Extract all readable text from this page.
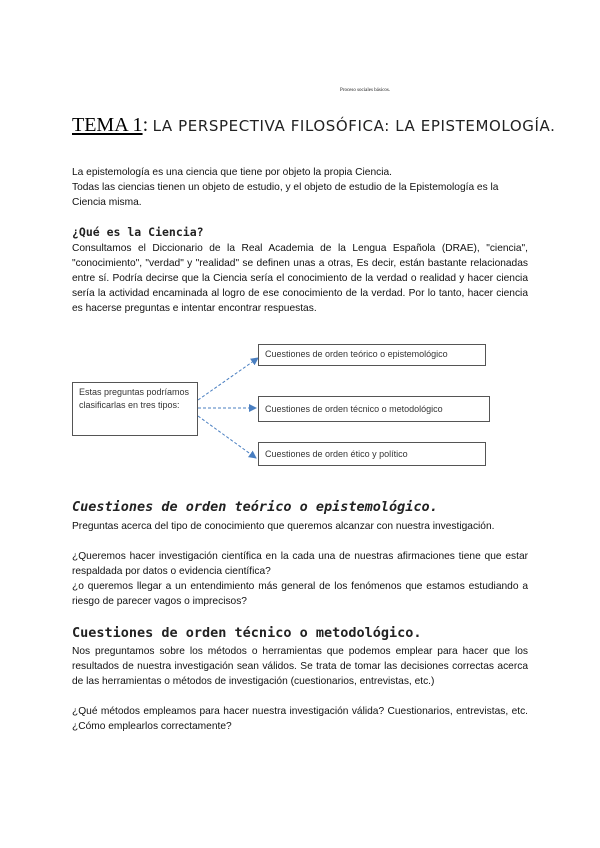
Proceso sociales básicos.
TEMA 1: LA PERSPECTIVA FILOSÓFICA: LA EPISTEMOLOGÍA.

La epistemología es una ciencia que tiene por objeto la propia Ciencia.
Todas las ciencias tienen un objeto de estudio, y el objeto de estudio de la Epistemología es la Ciencia misma.

¿Qué es la Ciencia?

Consultamos el Diccionario de la Real Academia de la Lengua Española (DRAE), "ciencia", "conocimiento", "verdad" y "realidad" se definen unas a otras, Es decir, están bastante relacionadas entre sí. Podría decirse que la Ciencia sería el conocimiento de la verdad o realidad y hacer ciencia sería la actividad encaminada al logro de ese conocimiento de la verdad. Por lo tanto, hacer ciencia es hacerse preguntas e intentar encontrar respuestas.

Estas preguntas podríamos clasificarlas en tres tipos:
Cuestiones de orden teórico o epistemológico
Cuestiones de orden técnico o metodológico
Cuestiones de orden ético y político
Cuestiones de orden teórico o epistemológico.

Preguntas acerca del tipo de conocimiento que queremos alcanzar con nuestra investigación.

¿Queremos hacer investigación científica en la cada una de nuestras afirmaciones tiene que estar respaldada por datos o evidencia científica?

¿o queremos llegar a un entendimiento más general de los fenómenos que estamos estudiando a riesgo de parecer vagos o imprecisos?

Cuestiones de orden técnico o metodológico.

Nos preguntamos sobre los métodos o herramientas que podemos emplear para hacer que los resultados de nuestra investigación sean válidos. Se trata de tomar las decisiones correctas acerca de las herramientas o métodos de investigación (cuestionarios, entrevistas, etc.)

¿Qué métodos empleamos para hacer nuestra investigación válida? Cuestionarios, entrevistas, etc. ¿Cómo emplearlos correctamente?
